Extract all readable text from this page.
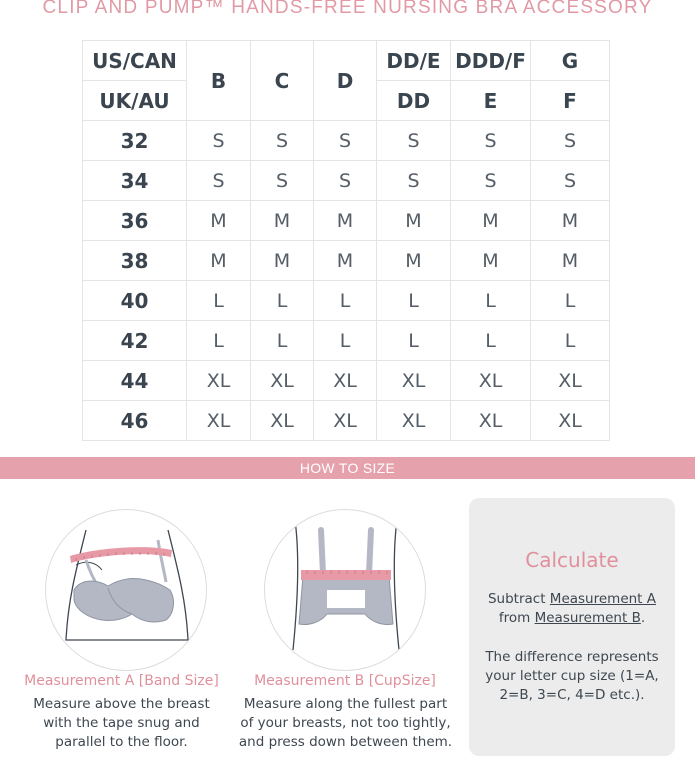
CLIP AND PUMP™ HANDS-FREE NURSING BRA ACCESSORY
US/CAN	B	C	D	DD/E	DDD/F	G
UK/AU				DD	E	F
32	S	S	S	S	S	S
34	S	S	S	S	S	S
36	M	M	M	M	M	M
38	M	M	M	M	M	M
40	L	L	L	L	L	L
42	L	L	L	L	L	L
44	XL	XL	XL	XL	XL	XL
46	XL	XL	XL	XL	XL	XL
HOW TO SIZE
Measurement A [Band Size]
Measure above the breast
with the tape snug and
parallel to the floor.
Measurement B [CupSize]
Measure along the fullest part
of your breasts, not too tightly,
and press down between them.
Calculate
Subtract Measurement A
from Measurement B.
The difference represents
your letter cup size (1=A,
2=B, 3=C, 4=D etc.).
